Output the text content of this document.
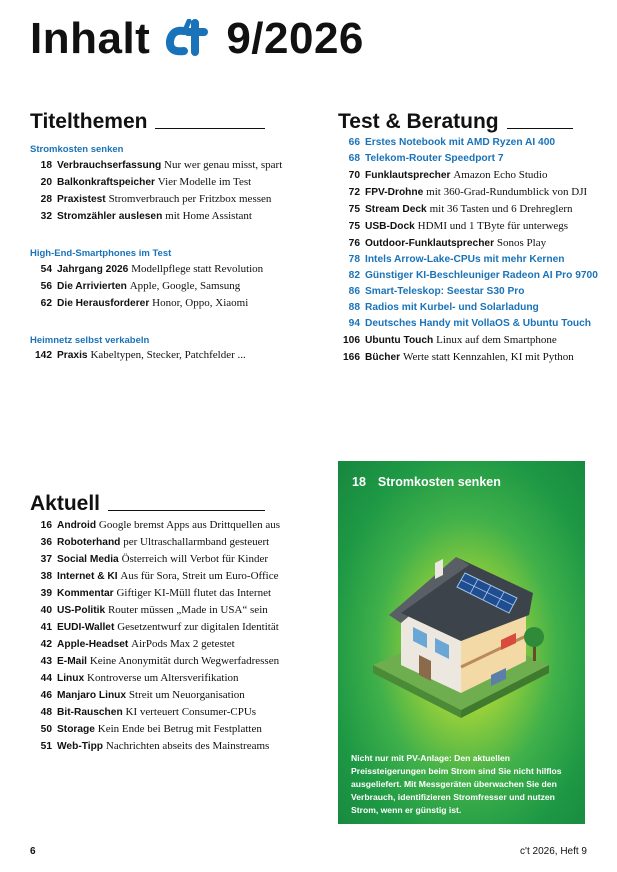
Inhalt 9/2026
Titelthemen
Stromkosten senken
18 Verbrauchserfassung Nur wer genau misst, spart
20 Balkonkraftspeicher Vier Modelle im Test
28 Praxistest Stromverbrauch per Fritzbox messen
32 Stromzähler auslesen mit Home Assistant
High-End-Smartphones im Test
54 Jahrgang 2026 Modellpflege statt Revolution
56 Die Arrivierten Apple, Google, Samsung
62 Die Herausforderer Honor, Oppo, Xiaomi
Heimnetz selbst verkabeln
142 Praxis Kabeltypen, Stecker, Patchfelder ...
Test & Beratung
66 Erstes Notebook mit AMD Ryzen AI 400
68 Telekom-Router Speedport 7
70 Funklautsprecher Amazon Echo Studio
72 FPV-Drohne mit 360-Grad-Rundumblick von DJI
75 Stream Deck mit 36 Tasten und 6 Drehreglern
75 USB-Dock HDMI und 1 TByte für unterwegs
76 Outdoor-Funklautsprecher Sonos Play
78 Intels Arrow-Lake-CPUs mit mehr Kernen
82 Günstiger KI-Beschleuniger Radeon AI Pro 9700
86 Smart-Teleskop: Seestar S30 Pro
88 Radios mit Kurbel- und Solarladung
94 Deutsches Handy mit VollaOS & Ubuntu Touch
106 Ubuntu Touch Linux auf dem Smartphone
166 Bücher Werte statt Kennzahlen, KI mit Python
Aktuell
16 Android Google bremst Apps aus Drittquellen aus
36 Roboterhand per Ultraschallarmband gesteuert
37 Social Media Österreich will Verbot für Kinder
38 Internet & KI Aus für Sora, Streit um Euro-Office
39 Kommentar Giftiger KI-Müll flutet das Internet
40 US-Politik Router müssen „Made in USA“ sein
41 EUDI-Wallet Gesetzentwurf zur digitalen Identität
42 Apple-Headset AirPods Max 2 getestet
43 E-Mail Keine Anonymität durch Wegwerfadressen
44 Linux Kontroverse um Altersverifikation
46 Manjaro Linux Streit um Neuorganisation
48 Bit-Rauschen KI verteuert Consumer-CPUs
50 Storage Kein Ende bei Betrug mit Festplatten
51 Web-Tipp Nachrichten abseits des Mainstreams
18 Stromkosten senken
Nicht nur mit PV-Anlage: Den aktuellen Preissteigerungen beim Strom sind Sie nicht hilflos ausgeliefert. Mit Messgeräten überwachen Sie den Verbrauch, identifizieren Stromfresser und nutzen Strom, wenn er günstig ist.
6	c't 2026, Heft 9
